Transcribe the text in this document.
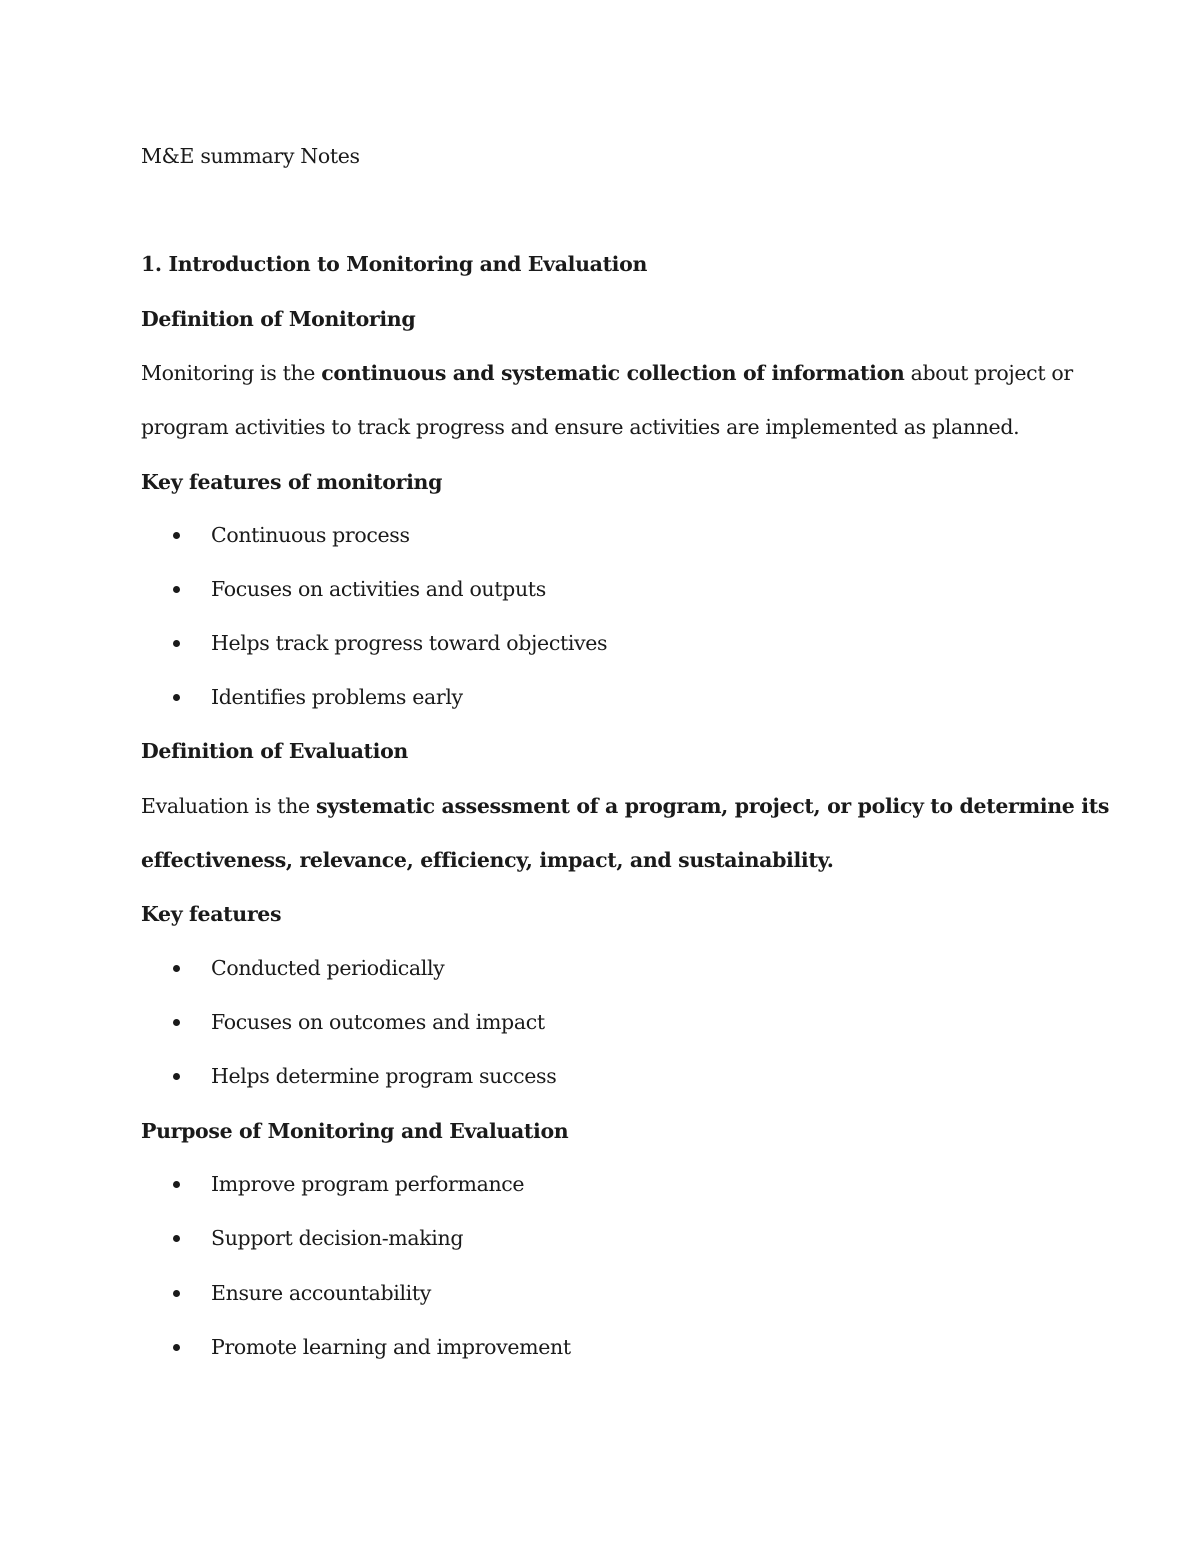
M&E summary Notes
1. Introduction to Monitoring and Evaluation
Definition of Monitoring
Monitoring is the continuous and systematic collection of information about project or
program activities to track progress and ensure activities are implemented as planned.
Key features of monitoring
Continuous process
Focuses on activities and outputs
Helps track progress toward objectives
Identifies problems early
Definition of Evaluation
Evaluation is the systematic assessment of a program, project, or policy to determine its
effectiveness, relevance, efficiency, impact, and sustainability.
Key features
Conducted periodically
Focuses on outcomes and impact
Helps determine program success
Purpose of Monitoring and Evaluation
Improve program performance
Support decision-making
Ensure accountability
Promote learning and improvement
